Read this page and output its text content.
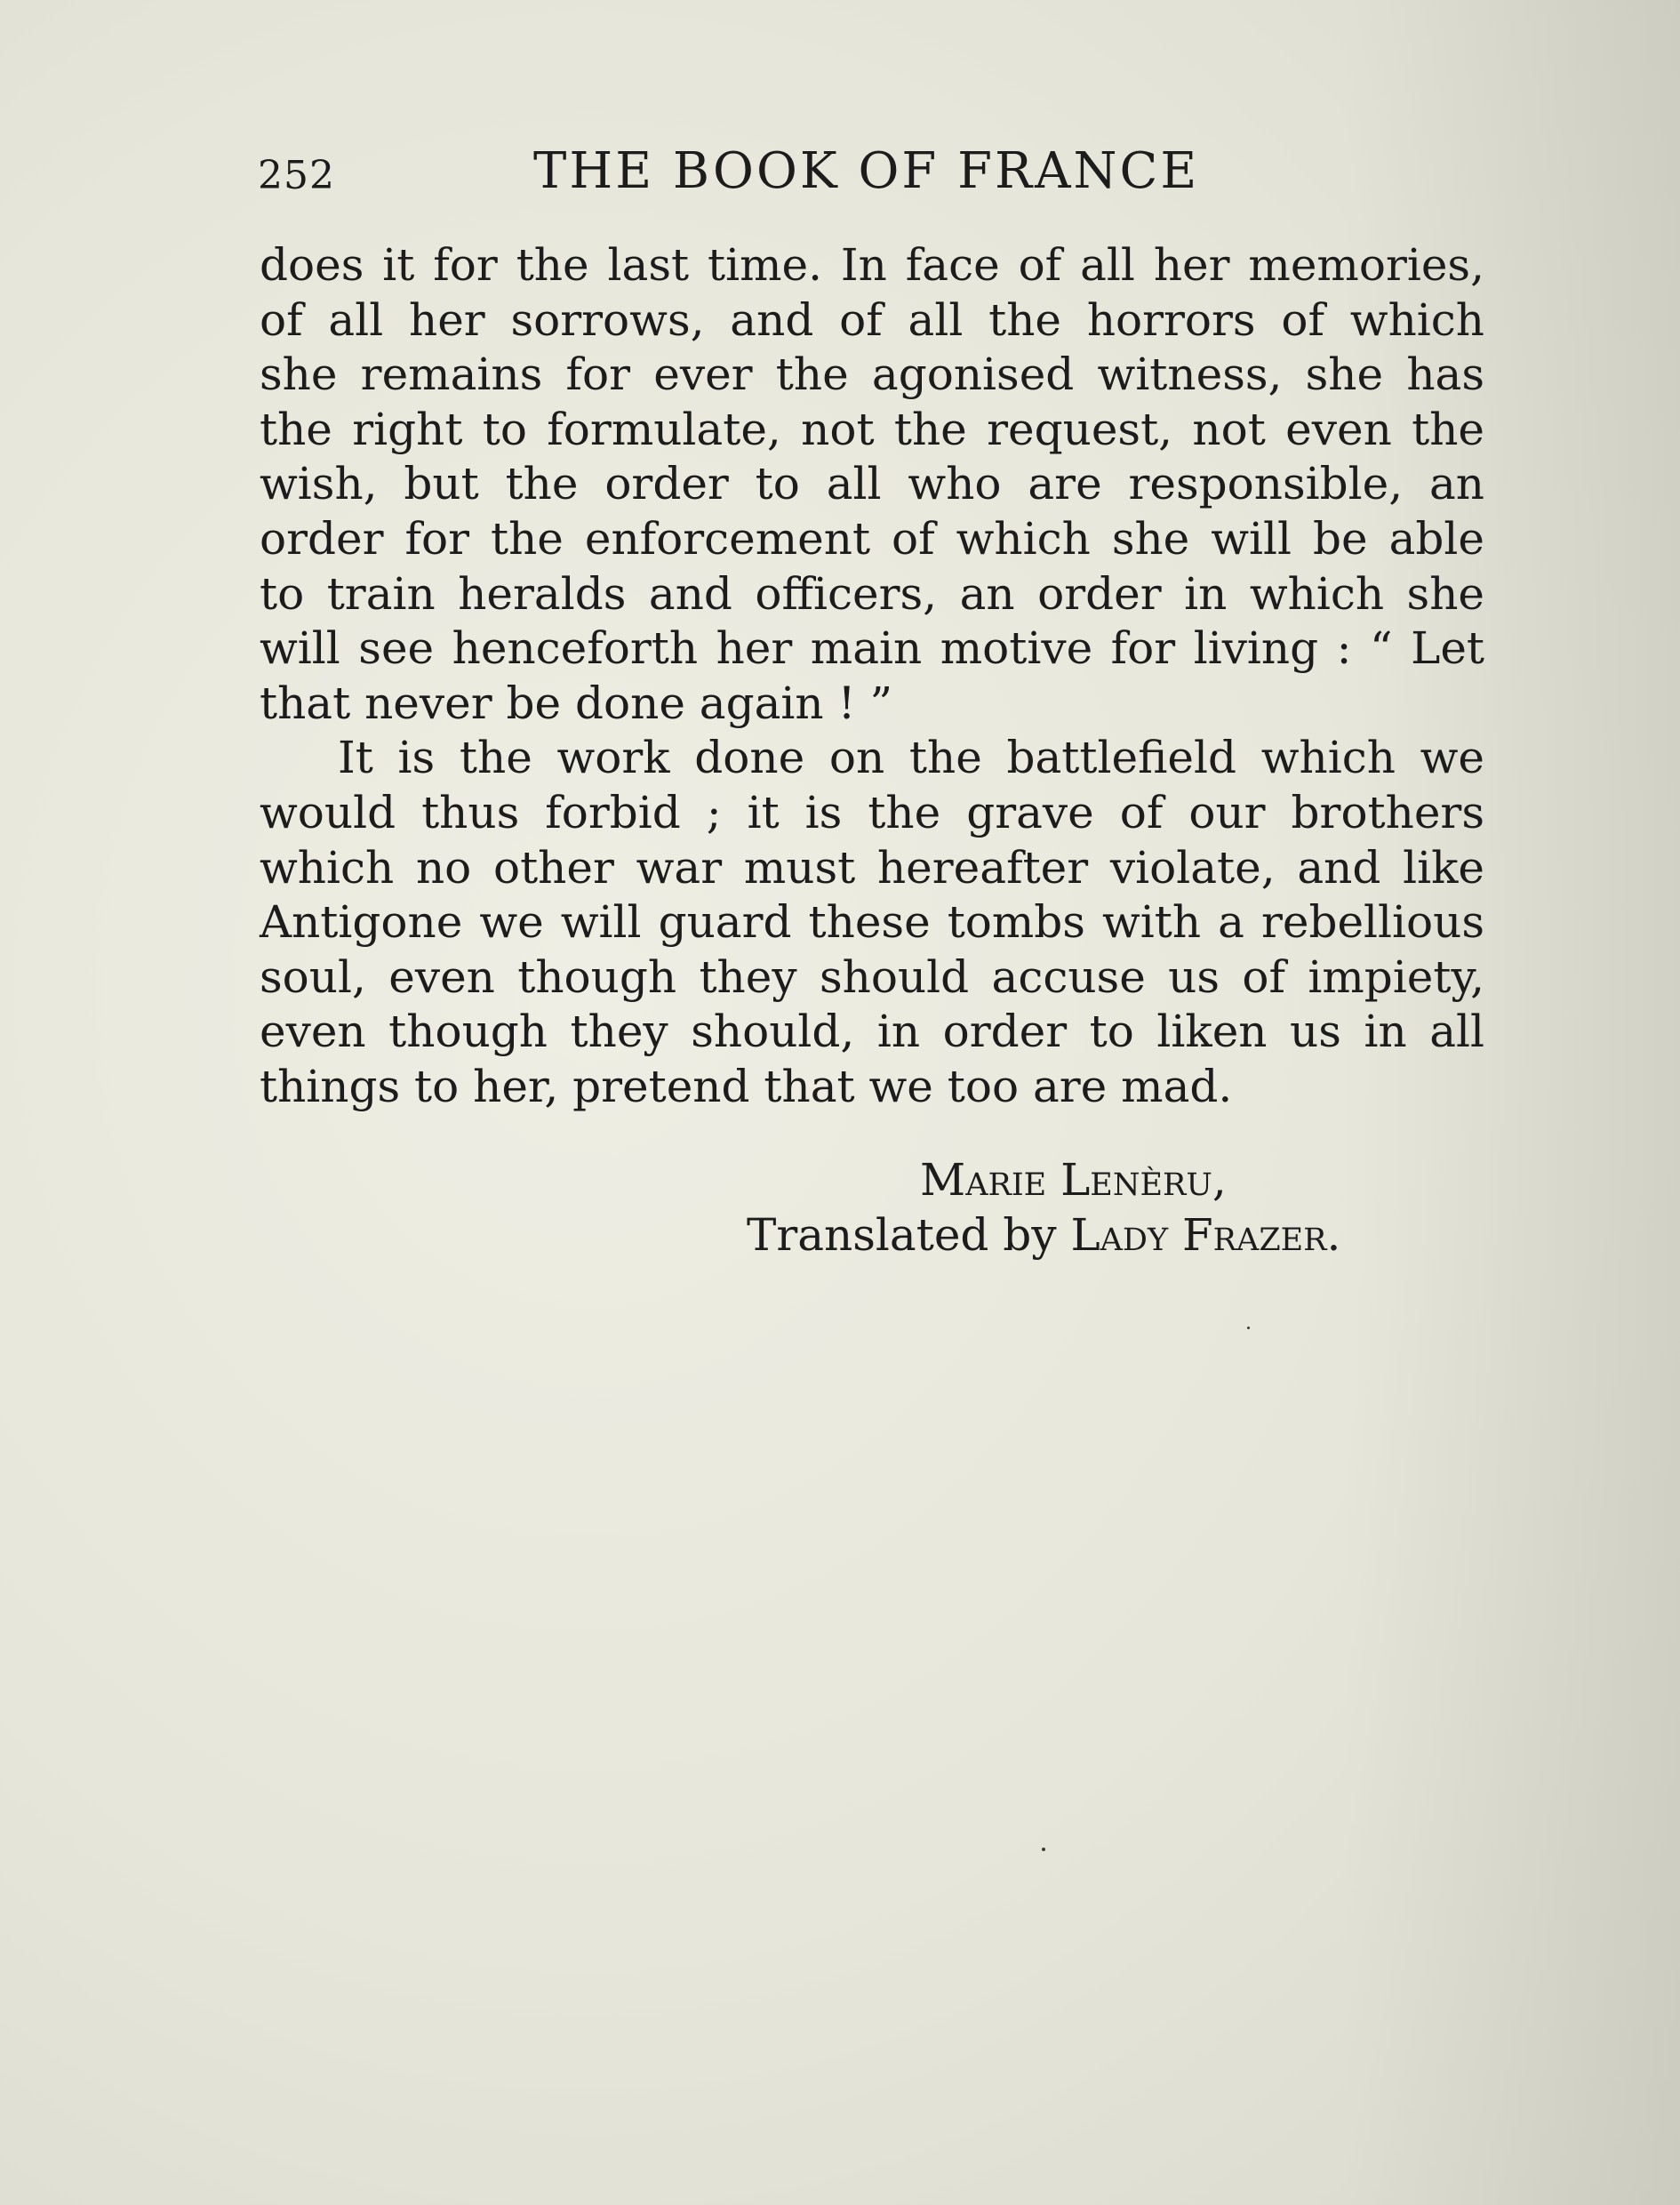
252	THE BOOK OF FRANCE
does it for the last time. In face of all her memories,
of all her sorrows, and of all the horrors of which
she remains for ever the agonised witness, she has
the right to formulate, not the request, not even the
wish, but the order to all who are responsible, an
order for the enforcement of which she will be able
to train heralds and officers, an order in which she
will see henceforth her main motive for living : “ Let
that never be done again ! ”
It is the work done on the battlefield which we
would thus forbid ; it is the grave of our brothers
which no other war must hereafter violate, and like
Antigone we will guard these tombs with a rebellious
soul, even though they should accuse us of impiety,
even though they should, in order to liken us in all
things to her, pretend that we too are mad.
Marie Lenèru,
Translated by Lady Frazer.
